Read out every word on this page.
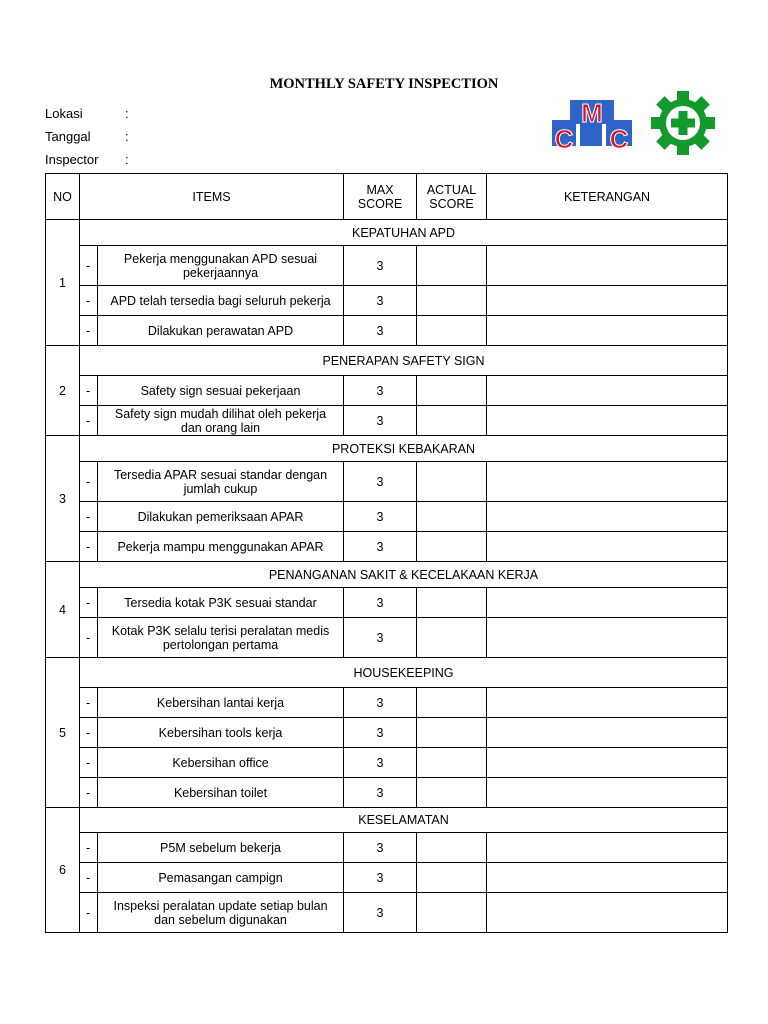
MONTHLY SAFETY INSPECTION
Lokasi	:
Tanggal	:
Inspector :
M
C C
NO	ITEMS		MAX SCORE	ACTUAL SCORE	KETERANGAN
1	KEPATUHAN APD				
	-	Pekerja menggunakan APD sesuai pekerjaannya	3		
	-	APD telah tersedia bagi seluruh pekerja	3		
	-	Dilakukan perawatan APD	3		
2	PENERAPAN SAFETY SIGN				
	-	Safety sign sesuai pekerjaan	3		
	-	Safety sign mudah dilihat oleh pekerja dan orang lain	3		
3	PROTEKSI KEBAKARAN				
	-	Tersedia APAR sesuai standar dengan jumlah cukup	3		
	-	Dilakukan pemeriksaan APAR	3		
	-	Pekerja mampu menggunakan APAR	3		
4	PENANGANAN SAKIT & KECELAKAAN KERJA				
	-	Tersedia kotak P3K sesuai standar	3		
	-	Kotak P3K selalu terisi peralatan medis pertolongan pertama	3		
5	HOUSEKEEPING				
	-	Kebersihan lantai kerja	3		
	-	Kebersihan tools kerja	3		
	-	Kebersihan office	3		
	-	Kebersihan toilet	3		
6	KESELAMATAN				
	-	P5M sebelum bekerja	3		
	-	Pemasangan campign	3		
	-	Inspeksi peralatan update setiap bulan dan sebelum digunakan	3		
